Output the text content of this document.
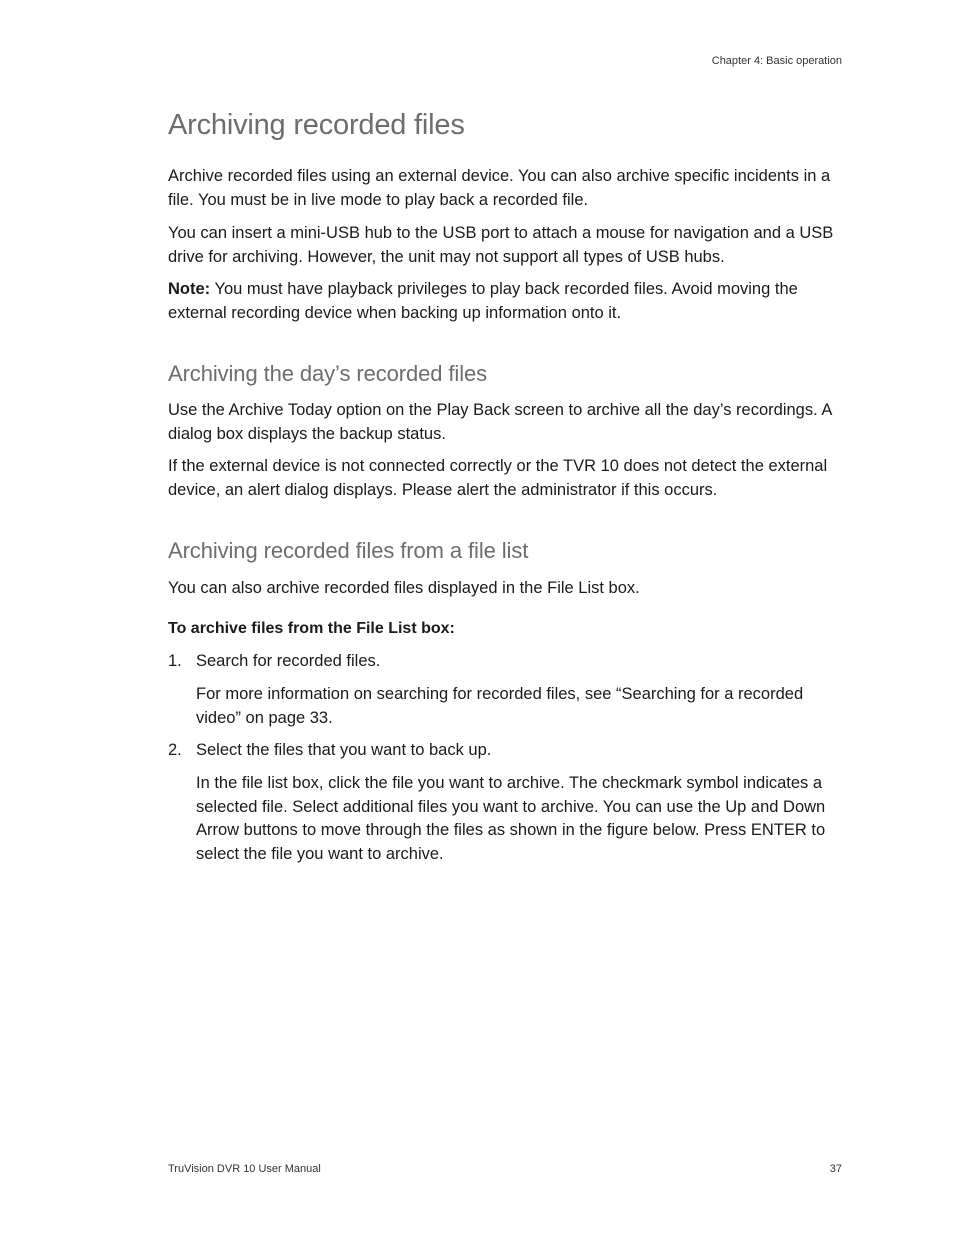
Chapter 4: Basic operation
Archiving recorded files

Archive recorded files using an external device. You can also archive specific incidents in a file. You must be in live mode to play back a recorded file.

You can insert a mini-USB hub to the USB port to attach a mouse for navigation and a USB drive for archiving. However, the unit may not support all types of USB hubs.

Note: You must have playback privileges to play back recorded files. Avoid moving the external recording device when backing up information onto it.

Archiving the day’s recorded files

Use the Archive Today option on the Play Back screen to archive all the day’s recordings. A dialog box displays the backup status.

If the external device is not connected correctly or the TVR 10 does not detect the external device, an alert dialog displays. Please alert the administrator if this occurs.

Archiving recorded files from a file list

You can also archive recorded files displayed in the File List box.

To archive files from the File List box:
1. Search for recorded files.

For more information on searching for recorded files, see “Searching for a recorded video” on page 33.

2. Select the files that you want to back up.

In the file list box, click the file you want to archive. The checkmark symbol indicates a selected file. Select additional files you want to archive. You can use the Up and Down Arrow buttons to move through the files as shown in the figure below. Press ENTER to select the file you want to archive.

TruVision DVR 10 User Manual	37
